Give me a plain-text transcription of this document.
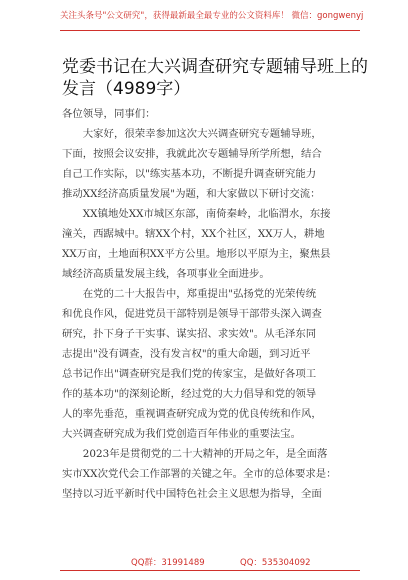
关注头条号"公文研究"，获得最新最全最专业的公文资料库！ 微信：gongwenyj
党委书记在大兴调查研究专题辅导班上的
发言（4989字）
各位领导，同事们：
　　大家好，很荣幸参加这次大兴调查研究专题辅导班，
下面，按照会议安排，我就此次专题辅导所学所想，结合
自己工作实际，以"练实基本功，不断提升调查研究能力
推动XX经济高质量发展"为题，和大家做以下研讨交流：
　　XX镇地处XX市城区东部，南倚秦岭，北临渭水，东接
潼关，西踞城中。辖XX个村，XX个社区，XX万人，耕地
XX万亩，土地面积XX平方公里。地形以平原为主，聚焦县
域经济高质量发展主线，各项事业全面进步。
　　在党的二十大报告中，郑重提出"弘扬党的光荣传统
和优良作风，促进党员干部特别是领导干部带头深入调查
研究，扑下身子干实事、谋实招、求实效"。从毛泽东同
志提出"没有调查，没有发言权"的重大命题，到习近平
总书记作出"调查研究是我们党的传家宝，是做好各项工
作的基本功"的深刻论断，经过党的大力倡导和党的领导
人的率先垂范，重视调查研究成为党的优良传统和作风，
大兴调查研究成为我们党创造百年伟业的重要法宝。
　　2023年是贯彻党的二十大精神的开局之年，是全面落
实市XX次党代会工作部署的关键之年。全市的总体要求是：
坚持以习近平新时代中国特色社会主义思想为指导，全面
QQ群：31991489	QQ：535304092
